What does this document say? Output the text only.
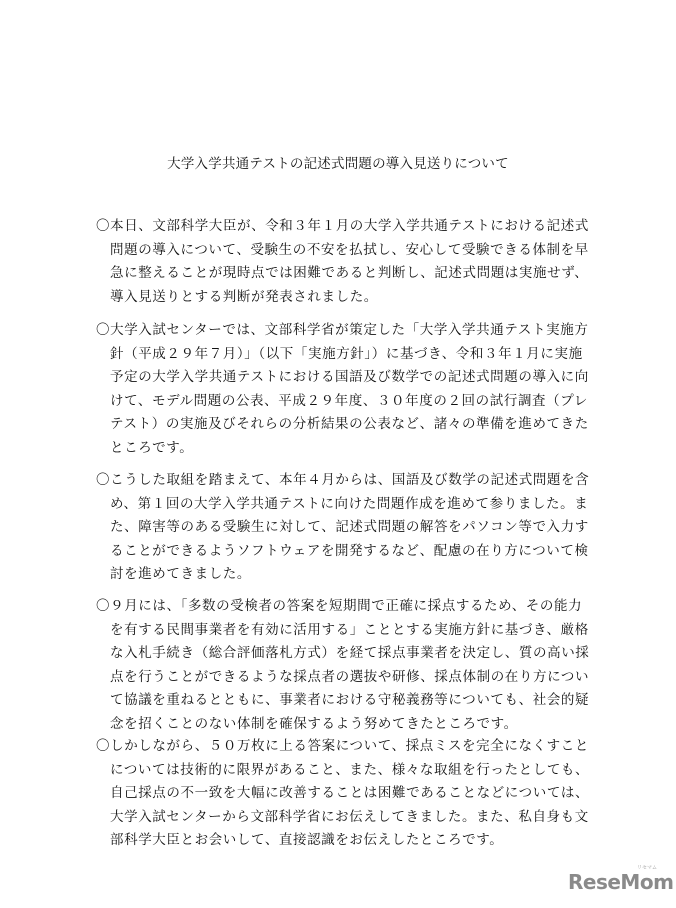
大学入学共通テストの記述式問題の導入見送りについて
〇本日、文部科学大臣が、令和３年１月の大学入学共通テストにおける記述式
問題の導入について、受験生の不安を払拭し、安心して受験できる体制を早
急に整えることが現時点では困難であると判断し、記述式問題は実施せず、
導入見送りとする判断が発表されました。
〇大学入試センターでは、文部科学省が策定した「大学入学共通テスト実施方
針（平成２９年７月）」（以下「実施方針」）に基づき、令和３年１月に実施
予定の大学入学共通テストにおける国語及び数学での記述式問題の導入に向
けて、モデル問題の公表、平成２９年度、３０年度の２回の試行調査（プレ
テスト）の実施及びそれらの分析結果の公表など、諸々の準備を進めてきた
ところです。
〇こうした取組を踏まえて、本年４月からは、国語及び数学の記述式問題を含
め、第１回の大学入学共通テストに向けた問題作成を進めて参りました。ま
た、障害等のある受験生に対して、記述式問題の解答をパソコン等で入力す
ることができるようソフトウェアを開発するなど、配慮の在り方について検
討を進めてきました。
〇９月には、「多数の受検者の答案を短期間で正確に採点するため、その能力
を有する民間事業者を有効に活用する」こととする実施方針に基づき、厳格
な入札手続き（総合評価落札方式）を経て採点事業者を決定し、質の高い採
点を行うことができるような採点者の選抜や研修、採点体制の在り方につい
て協議を重ねるとともに、事業者における守秘義務等についても、社会的疑
念を招くことのない体制を確保するよう努めてきたところです。
〇しかしながら、５０万枚に上る答案について、採点ミスを完全になくすこと
については技術的に限界があること、また、様々な取組を行ったとしても、
自己採点の不一致を大幅に改善することは困難であることなどについては、
大学入試センターから文部科学省にお伝えしてきました。また、私自身も文
部科学大臣とお会いして、直接認識をお伝えしたところです。
ReseMom
リセマム
